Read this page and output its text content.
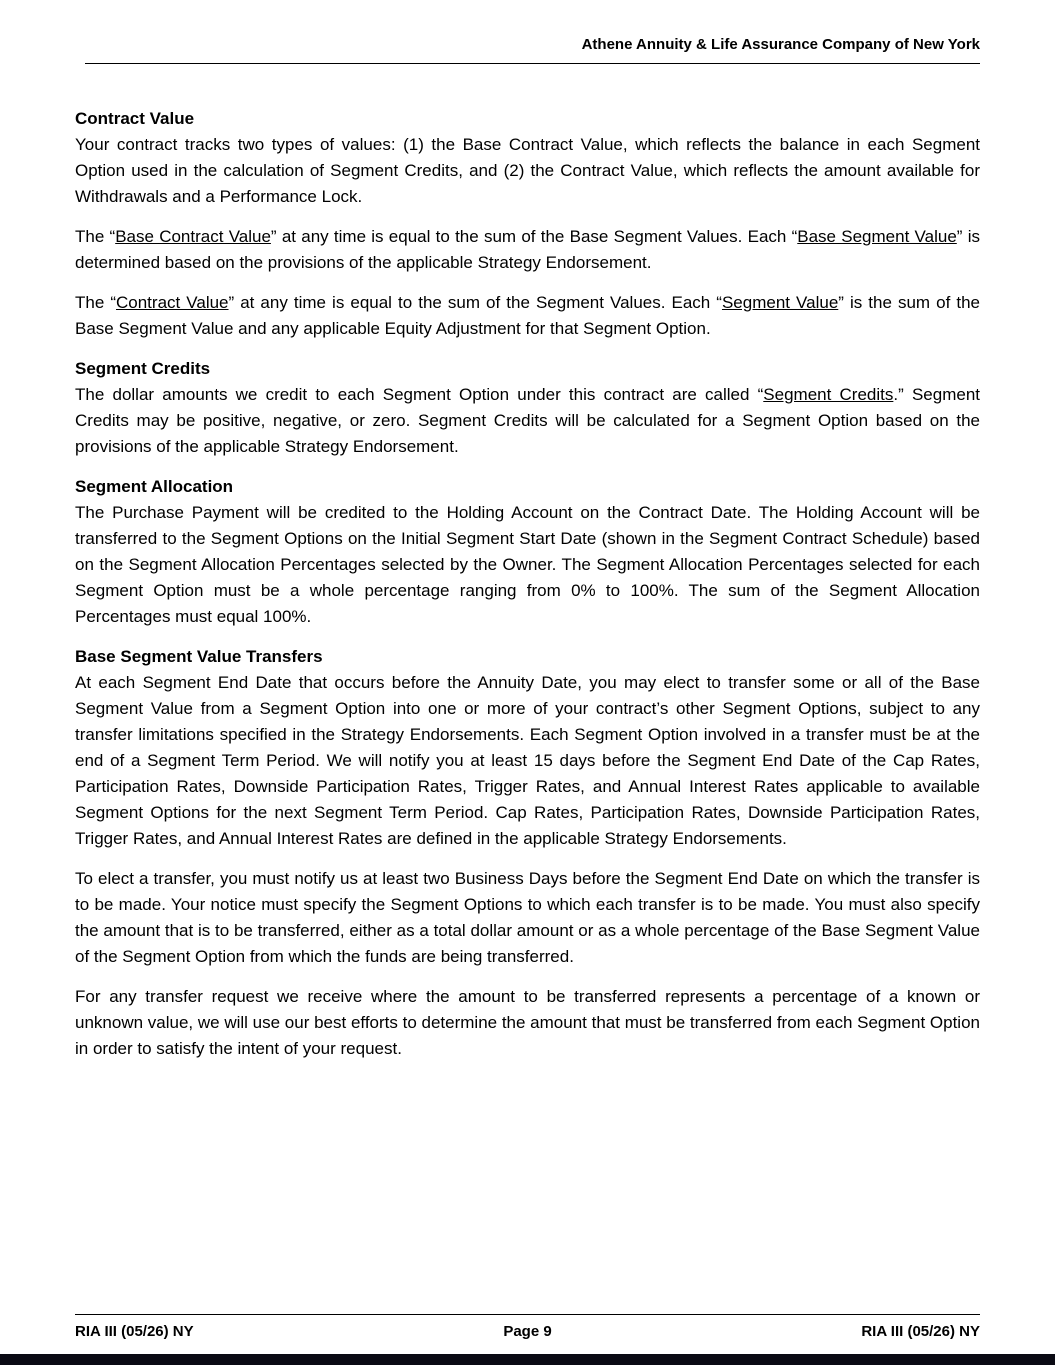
Athene Annuity & Life Assurance Company of New York
Contract Value

Your contract tracks two types of values: (1) the Base Contract Value, which reflects the balance in each Segment Option used in the calculation of Segment Credits, and (2) the Contract Value, which reflects the amount available for Withdrawals and a Performance Lock.

The “Base Contract Value” at any time is equal to the sum of the Base Segment Values. Each “Base Segment Value” is determined based on the provisions of the applicable Strategy Endorsement.

The “Contract Value” at any time is equal to the sum of the Segment Values. Each “Segment Value” is the sum of the Base Segment Value and any applicable Equity Adjustment for that Segment Option.

Segment Credits

The dollar amounts we credit to each Segment Option under this contract are called “Segment Credits.” Segment Credits may be positive, negative, or zero. Segment Credits will be calculated for a Segment Option based on the provisions of the applicable Strategy Endorsement.

Segment Allocation

The Purchase Payment will be credited to the Holding Account on the Contract Date. The Holding Account will be transferred to the Segment Options on the Initial Segment Start Date (shown in the Segment Contract Schedule) based on the Segment Allocation Percentages selected by the Owner. The Segment Allocation Percentages selected for each Segment Option must be a whole percentage ranging from 0% to 100%. The sum of the Segment Allocation Percentages must equal 100%.

Base Segment Value Transfers

At each Segment End Date that occurs before the Annuity Date, you may elect to transfer some or all of the Base Segment Value from a Segment Option into one or more of your contract’s other Segment Options, subject to any transfer limitations specified in the Strategy Endorsements. Each Segment Option involved in a transfer must be at the end of a Segment Term Period. We will notify you at least 15 days before the Segment End Date of the Cap Rates, Participation Rates, Downside Participation Rates, Trigger Rates, and Annual Interest Rates applicable to available Segment Options for the next Segment Term Period. Cap Rates, Participation Rates, Downside Participation Rates, Trigger Rates, and Annual Interest Rates are defined in the applicable Strategy Endorsements.

To elect a transfer, you must notify us at least two Business Days before the Segment End Date on which the transfer is to be made. Your notice must specify the Segment Options to which each transfer is to be made. You must also specify the amount that is to be transferred, either as a total dollar amount or as a whole percentage of the Base Segment Value of the Segment Option from which the funds are being transferred.

For any transfer request we receive where the amount to be transferred represents a percentage of a known or unknown value, we will use our best efforts to determine the amount that must be transferred from each Segment Option in order to satisfy the intent of your request.

RIA III (05/26) NY	Page 9	RIA III (05/26) NY
